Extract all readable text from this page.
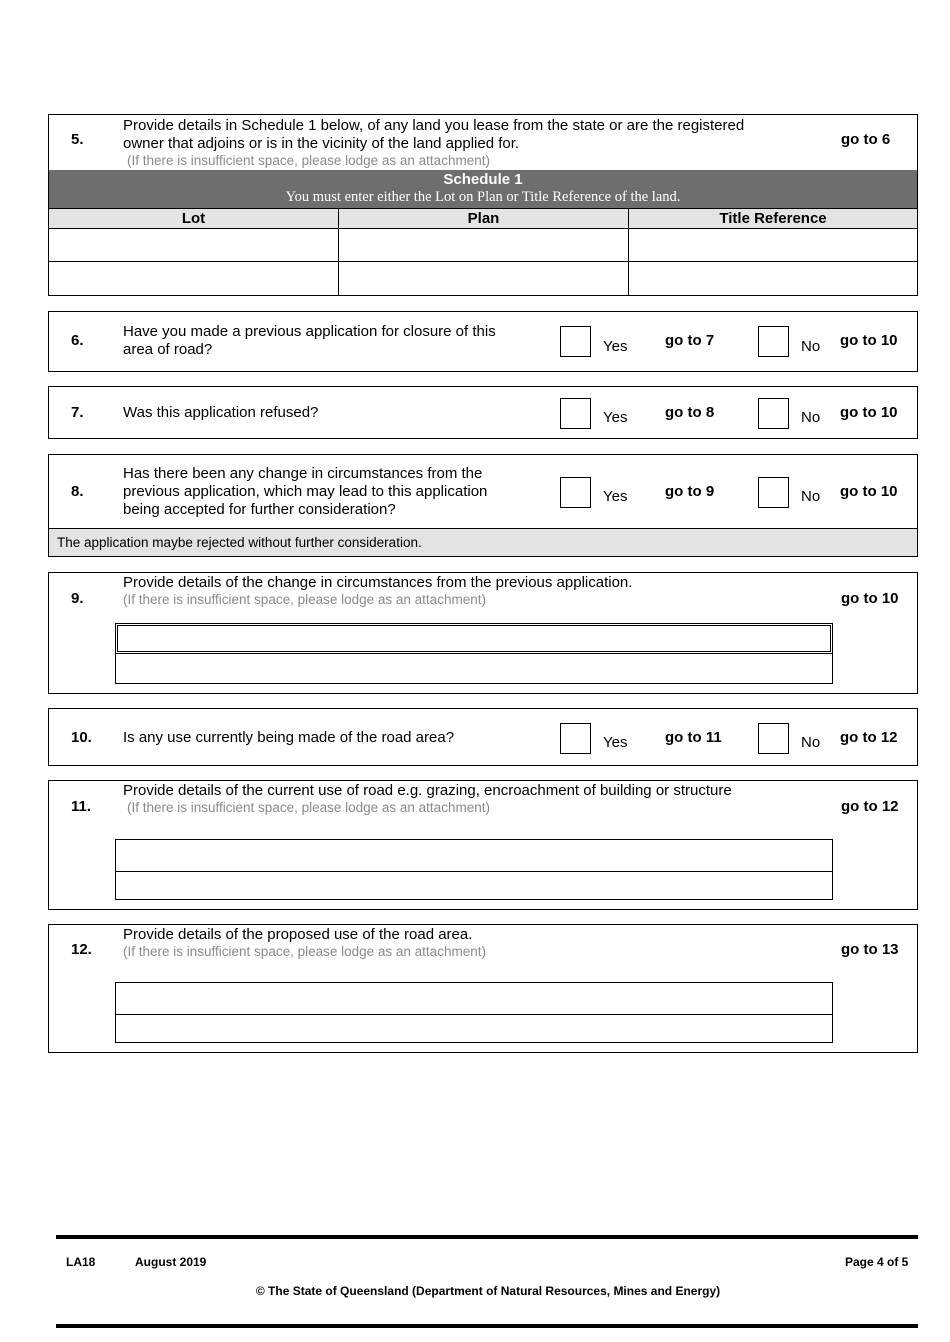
5.
Provide details in Schedule 1 below, of any land you lease from the state or are the registered
owner that adjoins or is in the vicinity of the land applied for.
(If there is insufficient space, please lodge as an attachment)
go to 6
Schedule 1
You must enter either the Lot on Plan or Title Reference of the land.
Lot	Plan	Title Reference
6.
Have you made a previous application for closure of this
area of road?	Yes	go to 7	No go to 10
7.	Was this application refused?	Yes	go to 8	No go to 10
8.
Has there been any change in circumstances from the
previous application, which may lead to this application
being accepted for further consideration?
Yes	go to 9	No go to 10
The application maybe rejected without further consideration.
9.
Provide details of the change in circumstances from the previous application.
(If there is insufficient space, please lodge as an attachment)	go to 10
10.	Is any use currently being made of the road area?	Yes	go to 11	No go to 12
11.
Provide details of the current use of road e.g. grazing, encroachment of building or structure
(If there is insufficient space, please lodge as an attachment)	go to 12
12.
Provide details of the proposed use of the road area.
(If there is insufficient space, please lodge as an attachment)	go to 13
LA18	August 2019	Page 4 of 5
© The State of Queensland (Department of Natural Resources, Mines and Energy)
